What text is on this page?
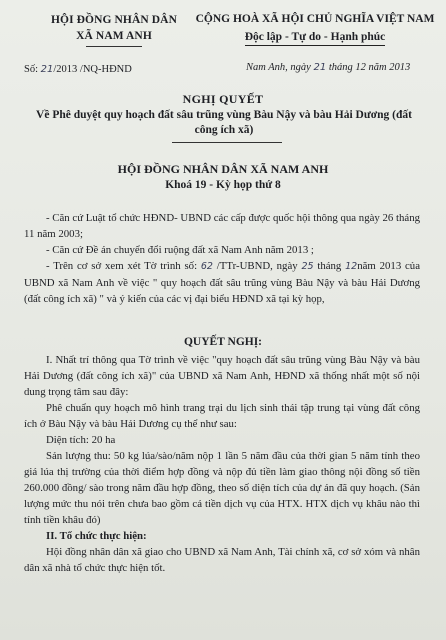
HỘI ĐỒNG NHÂN DÂN
XÃ NAM ANH
CỘNG HOÀ XÃ HỘI CHỦ NGHĨA VIỆT NAM
Độc lập - Tự do - Hạnh phúc
Số: 21/2013 /NQ-HĐND	Nam Anh, ngày 21 tháng 12 năm 2013
NGHỊ QUYẾT
Về Phê duyệt quy hoạch đất sâu trũng vùng Bàu Nậy và bàu Hải Dương (đất công ích xã)
HỘI ĐỒNG NHÂN DÂN XÃ NAM ANH
Khoá 19 - Kỳ họp thứ 8

- Căn cứ Luật tổ chức HĐND- UBND các cấp được quốc hội thông qua ngày 26 tháng 11 năm 2003;

- Căn cứ Đề án chuyển đổi ruộng đất xã Nam Anh năm 2013 ;

- Trên cơ sở xem xét Tờ trình số: 62 /TTr-UBND, ngày 25 tháng 12năm 2013 của UBND xã Nam Anh về việc " quy hoạch đất sâu trũng vùng Bàu Nậy và bàu Hải Dương (đất công ích xã) " và ý kiến của các vị đại biểu HĐND xã tại kỳ họp,

QUYẾT NGHỊ:

I. Nhất trí thông qua Tờ trình về việc "quy hoạch đất sâu trũng vùng Bàu Nậy và bàu Hải Dương (đất công ích xã)" của UBND xã Nam Anh, HĐND xã thống nhất một số nội dung trọng tâm sau đây:

Phê chuẩn quy hoạch mô hình trang trại du lịch sinh thái tập trung tại vùng đất công ích ở Bàu Nậy và bàu Hải Dương cụ thể như sau:

Diện tích: 20 ha

Sản lượng thu: 50 kg lúa/sào/năm nộp 1 lần 5 năm đầu của thời gian 5 năm tính theo giá lúa thị trường của thời điểm hợp đồng và nộp đủ tiền làm giao thông nội đồng số tiền 260.000 đồng/ sào trong năm đầu hợp đồng, theo số diện tích của dự án đã quy hoạch. (Sản lượng mức thu nói trên chưa bao gồm cả tiền dịch vụ của HTX. HTX dịch vụ khâu nào thì tính tiền khâu đó)

II. Tổ chức thực hiện:

Hội đồng nhân dân xã giao cho UBND xã Nam Anh, Tài chính xã, cơ sở xóm và nhân dân xã nhà tổ chức thực hiện tốt.
